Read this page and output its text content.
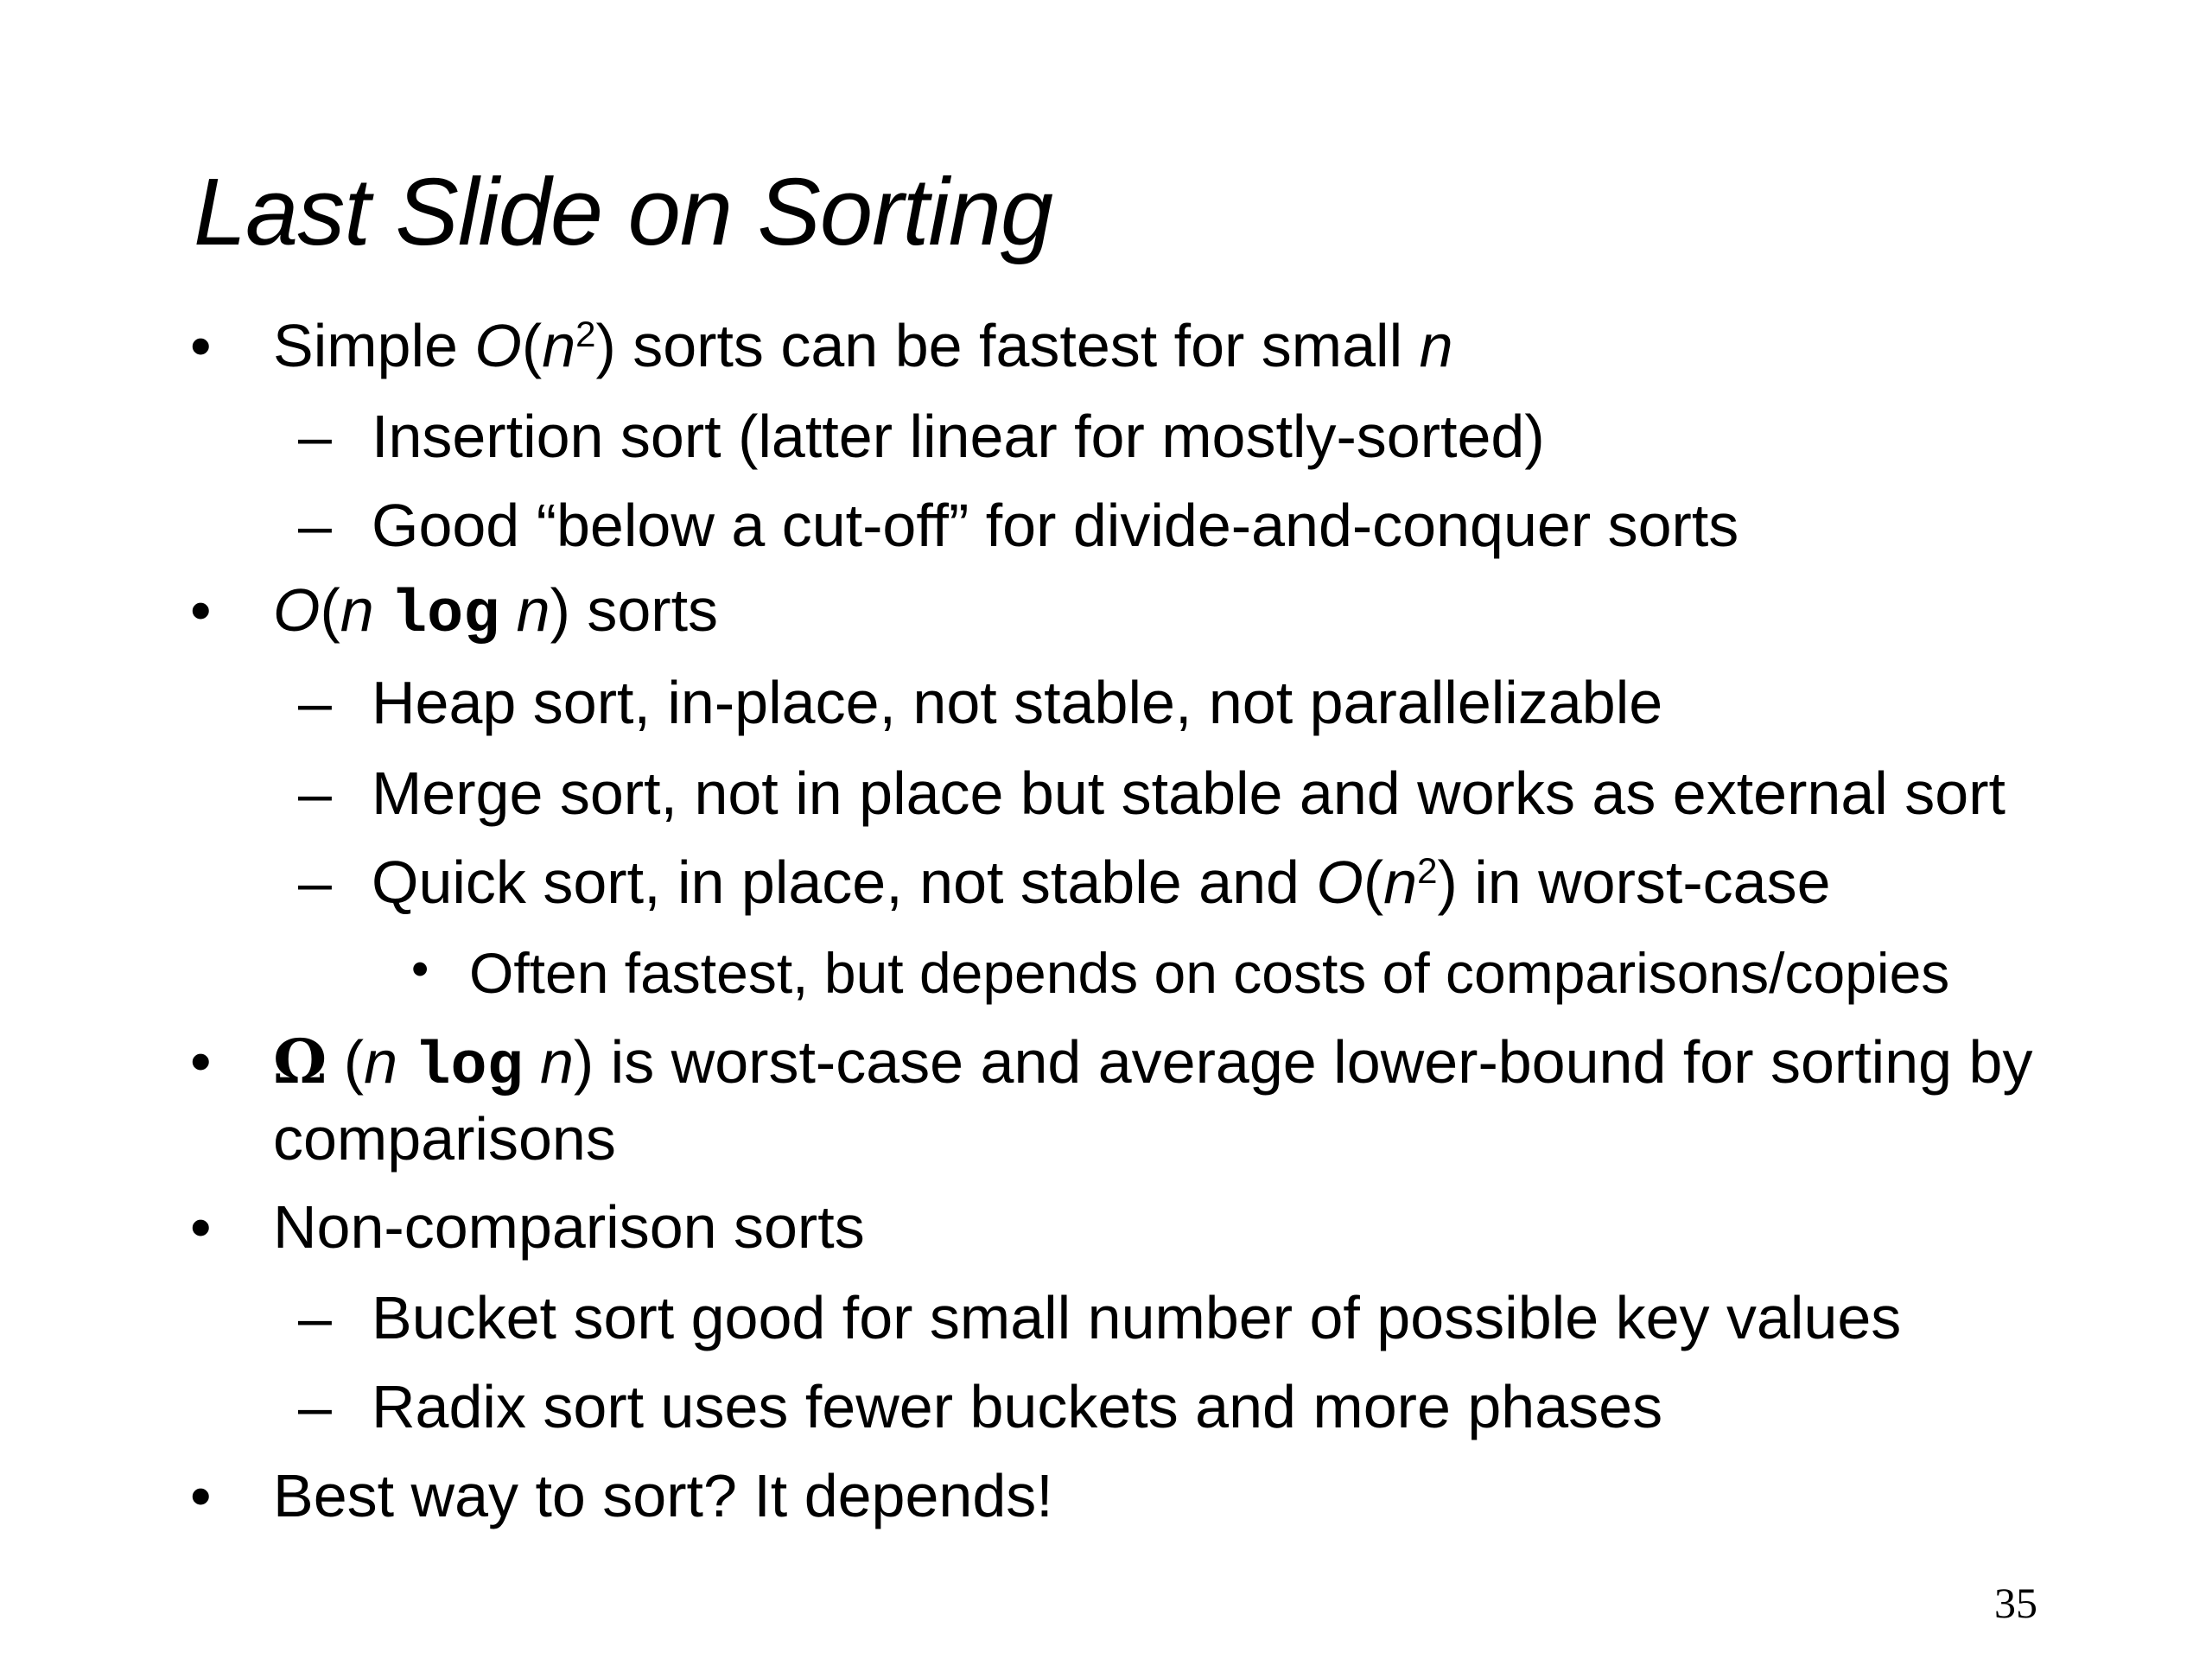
Last Slide on Sorting
• Simple $O(n^2)$ sorts can be fastest for small n
– Insertion sort (latter linear for mostly-sorted)
– Good “below a cut-off” for divide-and-conquer sorts
• O(n log n) sorts
– Heap sort, in-place, not stable, not parallelizable
– Merge sort, not in place but stable and works as external sort
– Quick sort, in place, not stable and $O(n^2)$ in worst-case
• Often fastest, but depends on costs of comparisons/copies
• Ω (n log n) is worst-case and average lower-bound for sorting by
comparisons
• Non-comparison sorts
– Bucket sort good for small number of possible key values
– Radix sort uses fewer buckets and more phases
• Best way to sort? It depends!
35
